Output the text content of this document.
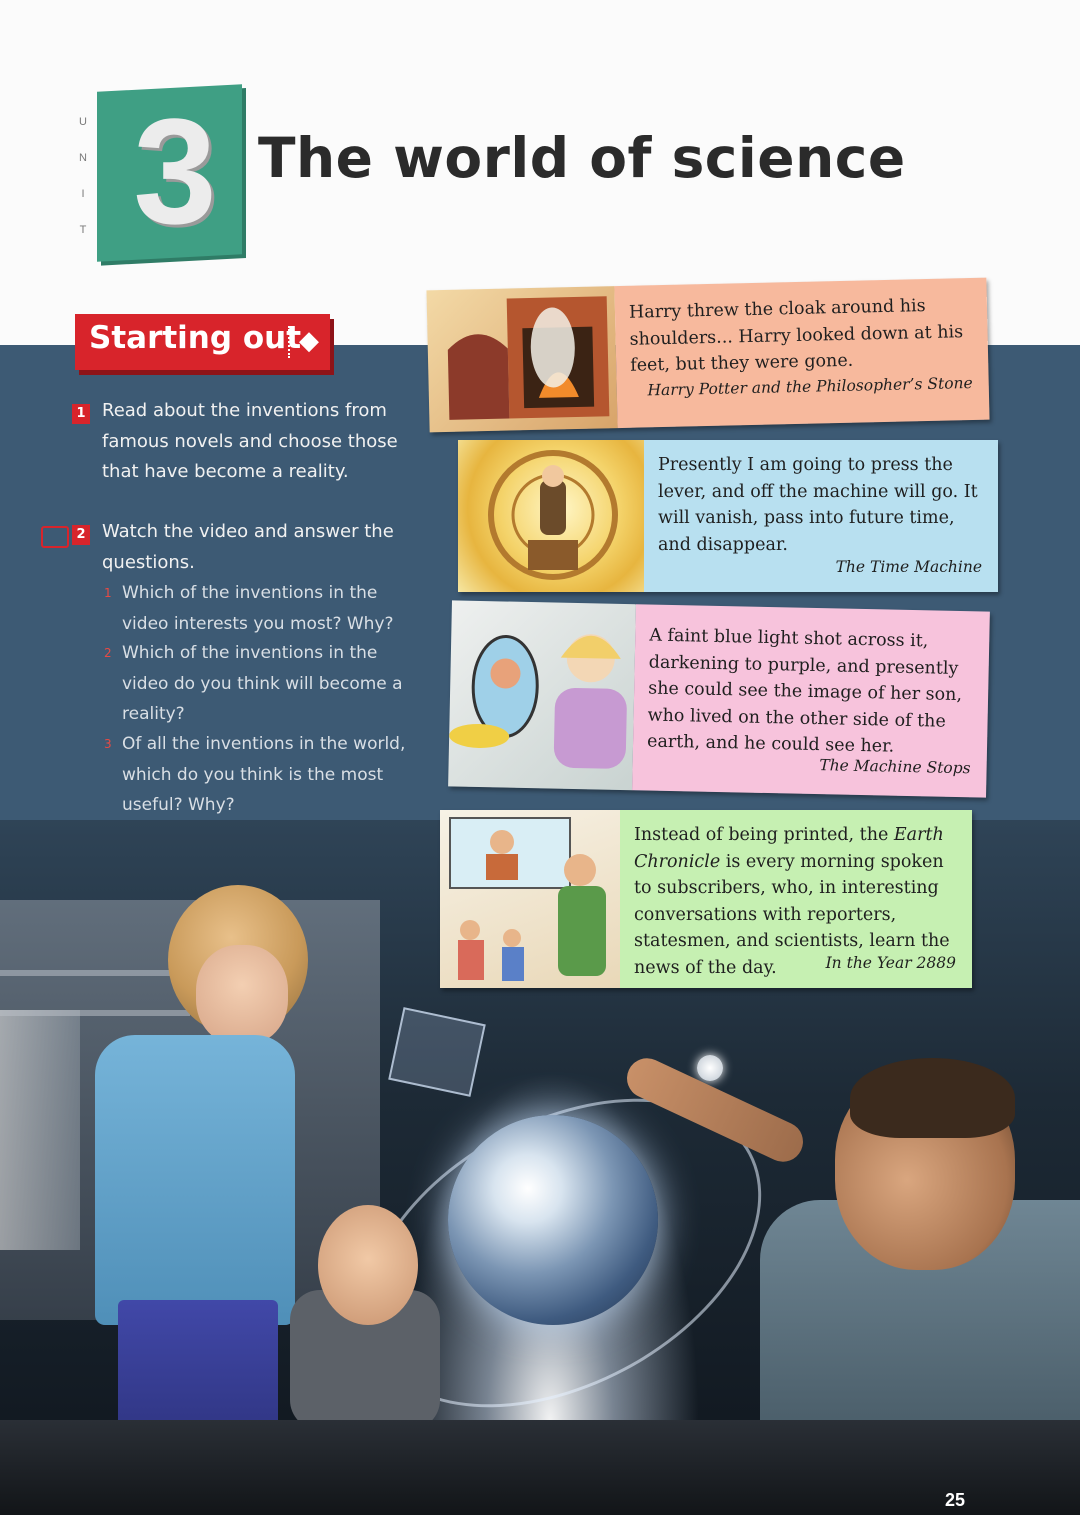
U
N
I
T 3 The world of science
Starting out
◆
1 Read about the inventions from famous novels and choose those that have become a reality.
2 Watch the video and answer the questions.
1 Which of the inventions in the video interests you most? Why?
2 Which of the inventions in the video do you think will become a reality?
3 Of all the inventions in the world, which do you think is the most useful? Why?
Harry threw the cloak around his shoulders... Harry looked down at his feet, but they were gone.
Harry Potter and the Philosopher’s Stone
Presently I am going to press the lever, and off the machine will go. It will vanish, pass into future time, and disappear.
The Time Machine
A faint blue light shot across it, darkening to purple, and presently she could see the image of her son, who lived on the other side of the earth, and he could see her.
The Machine Stops
Instead of being printed, the Earth Chronicle is every morning spoken to subscribers, who, in interesting conversations with reporters, statesmen, and scientists, learn the news of the day.	In the Year 2889
25
